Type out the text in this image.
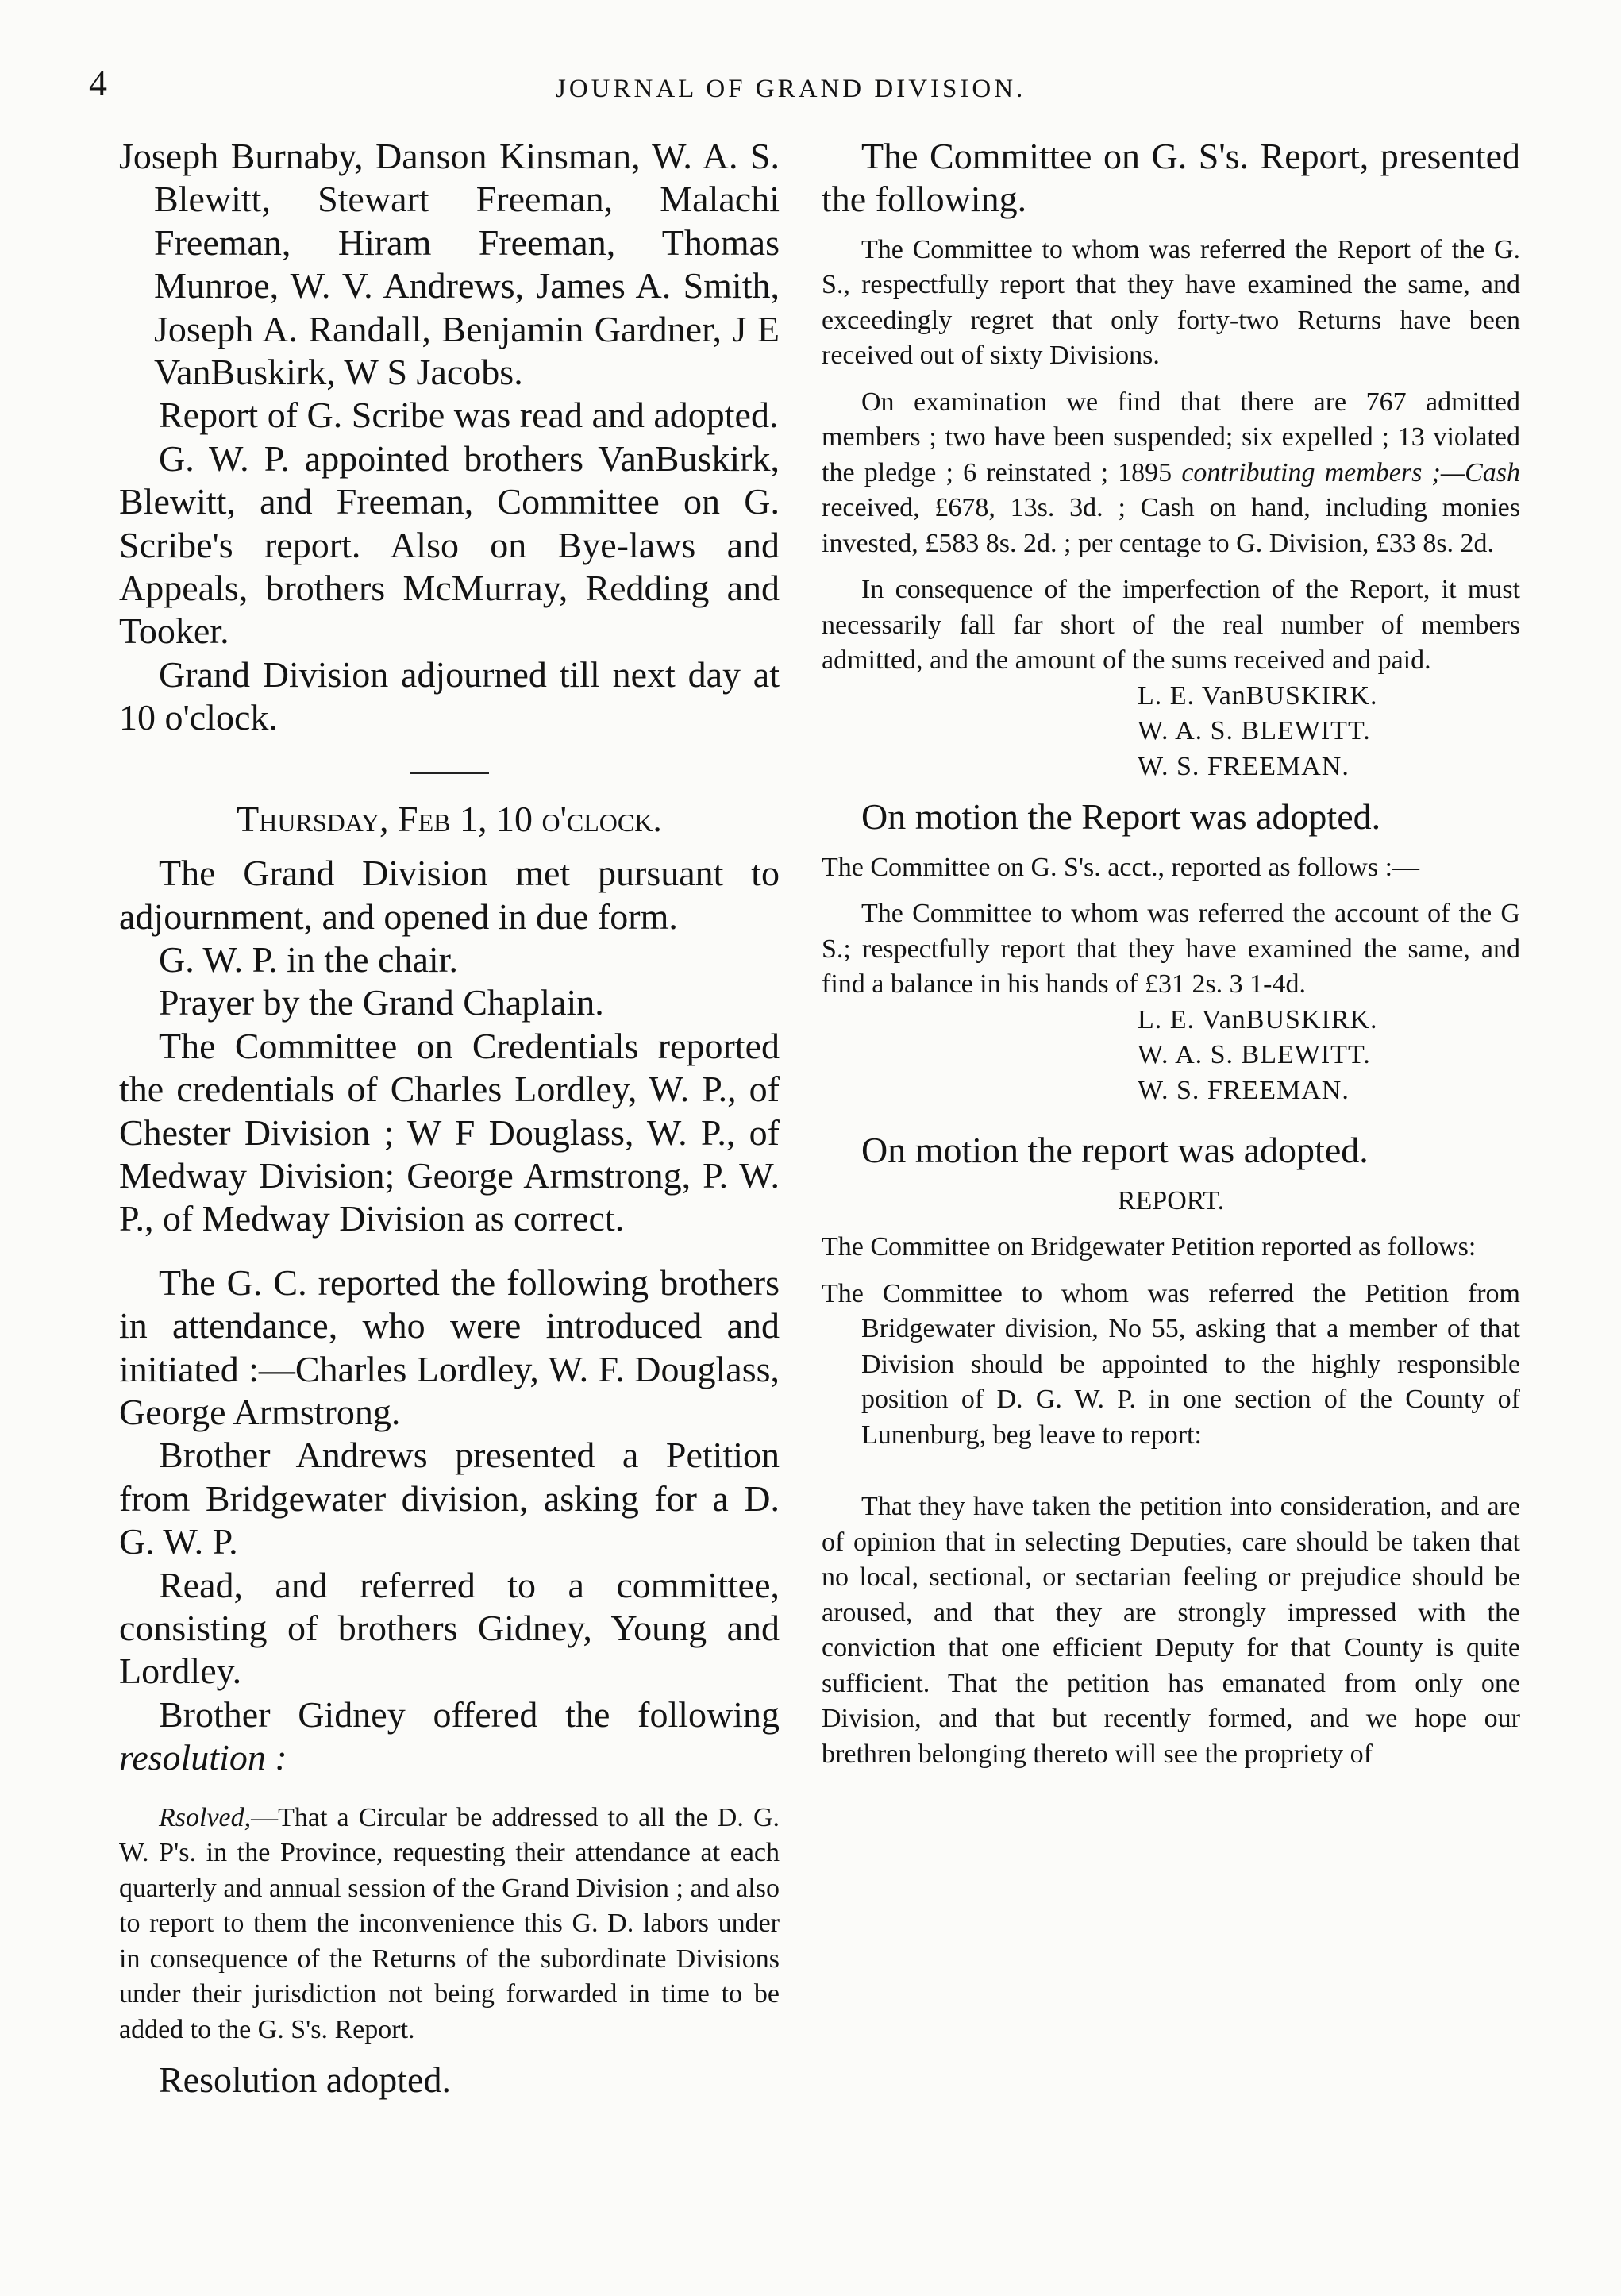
4	JOURNAL OF GRAND DIVISION.

Joseph Burnaby, Danson Kinsman, W. A. S. Blewitt, Stewart Freeman, Malachi Freeman, Hiram Freeman, Thomas Munroe, W. V. Andrews, James A. Smith, Joseph A. Randall, Benjamin Gardner, J E VanBuskirk, W S Jacobs.

Report of G. Scribe was read and adopted.

G. W. P. appointed brothers VanBuskirk, Blewitt, and Freeman, Committee on G. Scribe's report. Also on Bye-laws and Appeals, brothers McMurray, Redding and Tooker.

Grand Division adjourned till next day at 10 o'clock.

Thursday, Feb 1, 10 o'clock.

The Grand Division met pursuant to adjournment, and opened in due form.

G. W. P. in the chair.

Prayer by the Grand Chaplain.

The Committee on Credentials reported the credentials of Charles Lordley, W. P., of Chester Division ; W F Douglass, W. P., of Medway Division; George Armstrong, P. W. P., of Medway Division as correct.

The G. C. reported the following brothers in attendance, who were introduced and initiated :—Charles Lordley, W. F. Douglass, George Armstrong.

Brother Andrews presented a Petition from Bridgewater division, asking for a D. G. W. P.

Read, and referred to a committee, consisting of brothers Gidney, Young and Lordley.

Brother Gidney offered the following resolution :

Rsolved,—That a Circular be addressed to all the D. G. W. P's. in the Province, requesting their attendance at each quarterly and annual session of the Grand Division ; and also to report to them the inconvenience this G. D. labors under in consequence of the Returns of the subordinate Divisions under their jurisdiction not being forwarded in time to be added to the G. S's. Report.

Resolution adopted.

The Committee on G. S's. Report, presented the following.

The Committee to whom was referred the Report of the G. S., respectfully report that they have examined the same, and exceedingly regret that only forty-two Returns have been received out of sixty Divisions.

On examination we find that there are 767 admitted members ; two have been suspended; six expelled ; 13 violated the pledge ; 6 reinstated ; 1895 contributing members ;—Cash received, £678, 13s. 3d. ; Cash on hand, including monies invested, £583 8s. 2d. ; per centage to G. Division, £33 8s. 2d.

In consequence of the imperfection of the Report, it must necessarily fall far short of the real number of members admitted, and the amount of the sums received and paid.

L. E. VanBUSKIRK.

W. A. S. BLEWITT.

W. S. FREEMAN.

On motion the Report was adopted.

The Committee on G. S's. acct., reported as follows :—

The Committee to whom was referred the account of the G S.; respectfully report that they have examined the same, and find a balance in his hands of £31 2s. 3 1-4d.

L. E. VanBUSKIRK.

W. A. S. BLEWITT.

W. S. FREEMAN.

On motion the report was adopted.

REPORT.

The Committee on Bridgewater Petition reported as follows:

The Committee to whom was referred the Petition from Bridgewater division, No 55, asking that a member of that Division should be appointed to the highly responsible position of D. G. W. P. in one section of the County of Lunenburg, beg leave to report:

That they have taken the petition into consideration, and are of opinion that in selecting Deputies, care should be taken that no local, sectional, or sectarian feeling or prejudice should be aroused, and that they are strongly impressed with the conviction that one efficient Deputy for that County is quite sufficient. That the petition has emanated from only one Division, and that but recently formed, and we hope our brethren belonging thereto will see the propriety of
